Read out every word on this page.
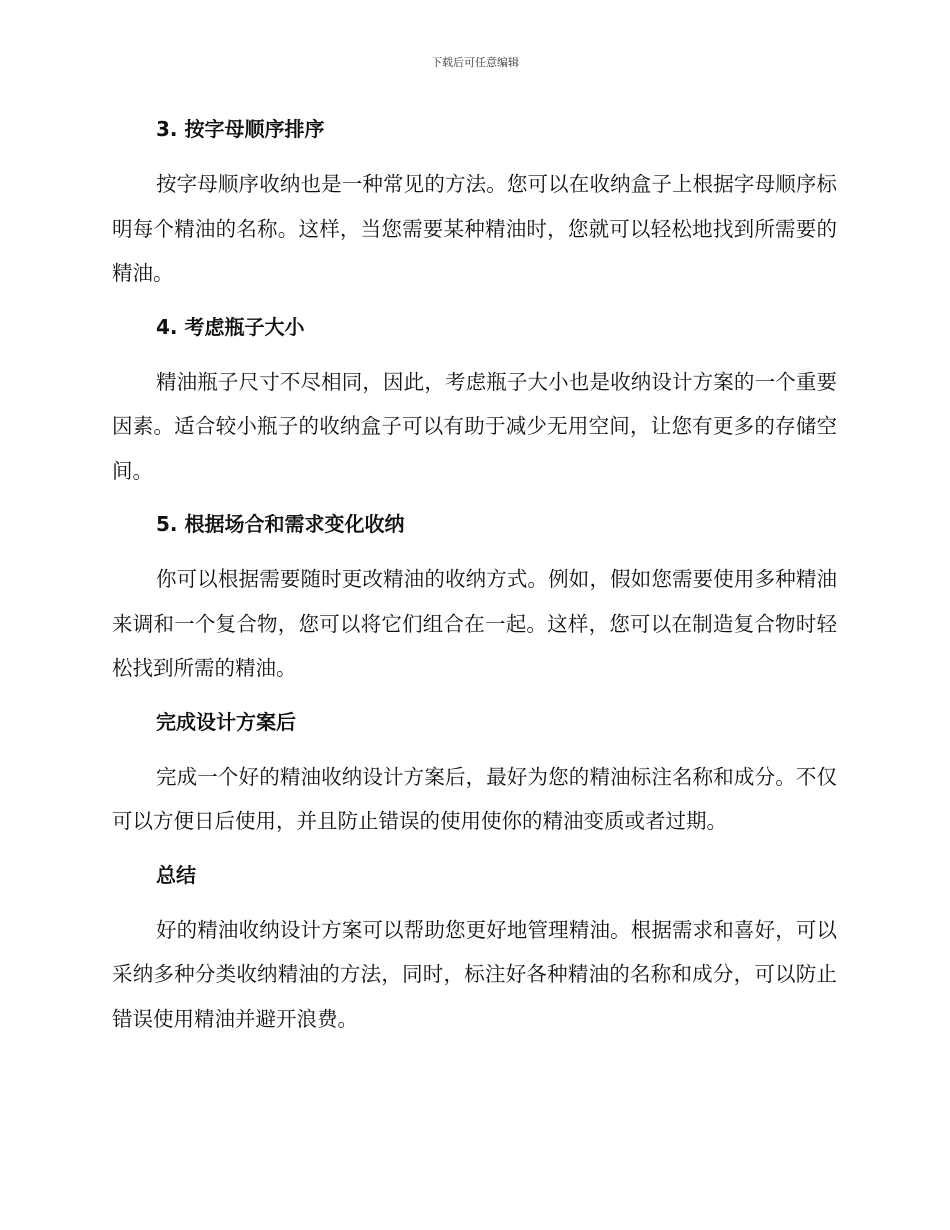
下载后可任意编辑
3. 按字母顺序排序

按字母顺序收纳也是一种常见的方法。您可以在收纳盒子上根据字母顺序标明每个精油的名称。这样，当您需要某种精油时，您就可以轻松地找到所需要的精油。

4. 考虑瓶子大小

精油瓶子尺寸不尽相同，因此，考虑瓶子大小也是收纳设计方案的一个重要因素。适合较小瓶子的收纳盒子可以有助于减少无用空间，让您有更多的存储空间。

5. 根据场合和需求变化收纳

你可以根据需要随时更改精油的收纳方式。例如，假如您需要使用多种精油来调和一个复合物，您可以将它们组合在一起。这样，您可以在制造复合物时轻松找到所需的精油。

完成设计方案后

完成一个好的精油收纳设计方案后，最好为您的精油标注名称和成分。不仅可以方便日后使用，并且防止错误的使用使你的精油变质或者过期。

总结

好的精油收纳设计方案可以帮助您更好地管理精油。根据需求和喜好，可以采纳多种分类收纳精油的方法，同时，标注好各种精油的名称和成分，可以防止错误使用精油并避开浪费。
